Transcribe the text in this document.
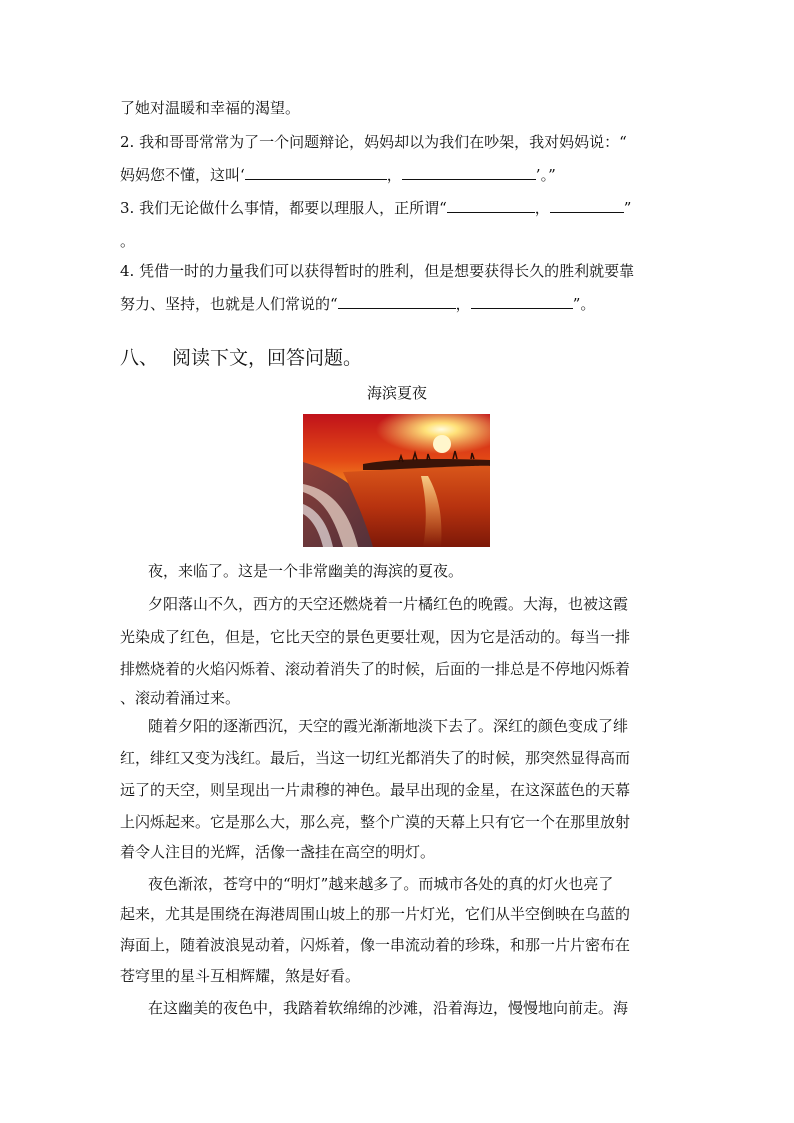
了她对温暖和幸福的渴望。
2. 我和哥哥常常为了一个问题辩论，妈妈却以为我们在吵架，我对妈妈说：“
妈妈您不懂，这叫‘	，	’。”
3. 我们无论做什么事情，都要以理服人，正所谓“	，	”
。
4. 凭借一时的力量我们可以获得暂时的胜利，但是想要获得长久的胜利就要靠
努力、坚持，也就是人们常说的“	，	”。
八、 阅读下文，回答问题。
海滨夏夜
夜，来临了。这是一个非常幽美的海滨的夏夜。
夕阳落山不久，西方的天空还燃烧着一片橘红色的晚霞。大海，也被这霞
光染成了红色，但是，它比天空的景色更要壮观，因为它是活动的。每当一排
排燃烧着的火焰闪烁着、滚动着消失了的时候，后面的一排总是不停地闪烁着
、滚动着涌过来。
随着夕阳的逐渐西沉，天空的霞光渐渐地淡下去了。深红的颜色变成了绯
红，绯红又变为浅红。最后，当这一切红光都消失了的时候，那突然显得高而
远了的天空，则呈现出一片肃穆的神色。最早出现的金星，在这深蓝色的天幕
上闪烁起来。它是那么大，那么亮，整个广漠的天幕上只有它一个在那里放射
着令人注目的光辉，活像一盏挂在高空的明灯。
夜色渐浓，苍穹中的“明灯”越来越多了。而城市各处的真的灯火也亮了
起来，尤其是围绕在海港周围山坡上的那一片灯光，它们从半空倒映在乌蓝的
海面上，随着波浪晃动着，闪烁着，像一串流动着的珍珠，和那一片片密布在
苍穹里的星斗互相辉耀，煞是好看。
在这幽美的夜色中，我踏着软绵绵的沙滩，沿着海边，慢慢地向前走。海
